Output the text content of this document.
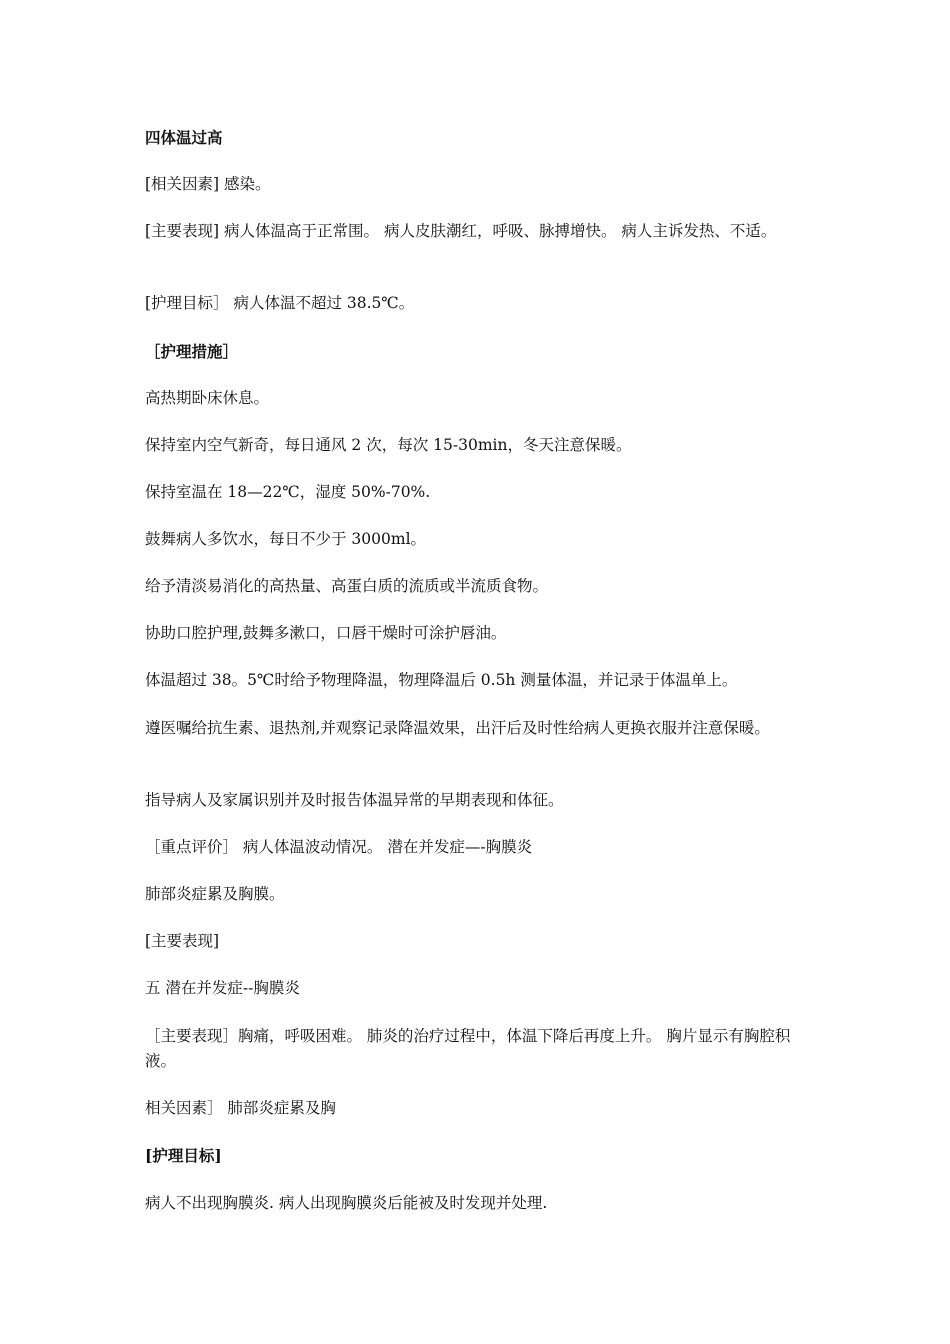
四体温过高

[相关因素] 感染。

[主要表现] 病人体温高于正常围。 病人皮肤潮红，呼吸、脉搏增快。 病人主诉发热、不适。

[护理目标］ 病人体温不超过 38.5℃。

［护理措施］

高热期卧床休息。

保持室内空气新奇，每日通风 2 次，每次 15-30min，冬天注意保暖。

保持室温在 18—22℃，湿度 50%-70%.

鼓舞病人多饮水，每日不少于 3000ml。

给予清淡易消化的高热量、高蛋白质的流质或半流质食物。

协助口腔护理,鼓舞多漱口，口唇干燥时可涂护唇油。

体温超过 38。5℃时给予物理降温，物理降温后 0.5h 测量体温，并记录于体温单上。

遵医嘱给抗生素、退热剂,并观察记录降温效果，出汗后及时性给病人更换衣服并注意保暖。

指导病人及家属识别并及时报告体温异常的早期表现和体征。

［重点评价］ 病人体温波动情况。 潜在并发症—-胸膜炎

肺部炎症累及胸膜。

[主要表现]

五 潜在并发症--胸膜炎

［主要表现］胸痛，呼吸困难。 肺炎的治疗过程中，体温下降后再度上升。 胸片显示有胸腔积液。

相关因素］ 肺部炎症累及胸

[护理目标]

病人不出现胸膜炎. 病人出现胸膜炎后能被及时发现并处理.
